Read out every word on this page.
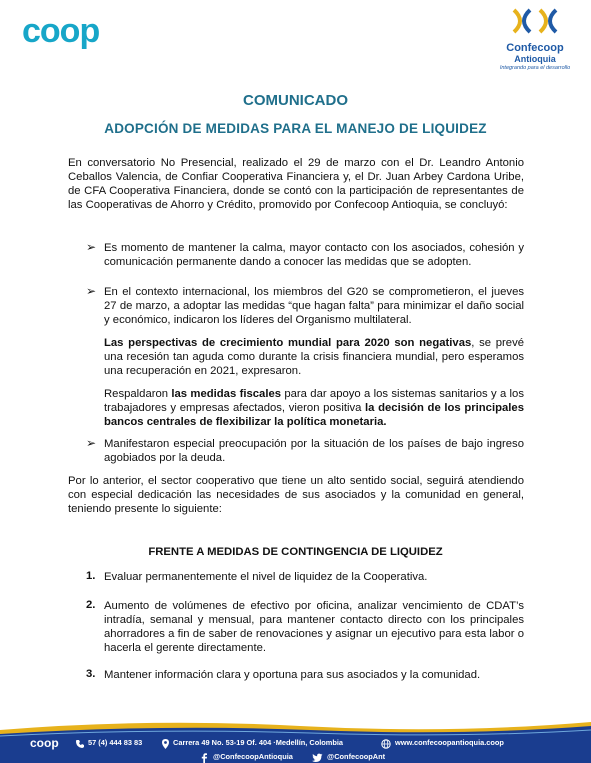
coop	Confecoop
Antioquia
Integrando para el desarrollo
COMUNICADO
ADOPCIÓN DE MEDIDAS PARA EL MANEJO DE LIQUIDEZ
En conversatorio No Presencial, realizado el 29 de marzo con el Dr. Leandro Antonio Ceballos Valencia, de Confiar Cooperativa Financiera y, el Dr. Juan Arbey Cardona Uribe, de CFA Cooperativa Financiera, donde se contó con la participación de representantes de las Cooperativas de Ahorro y Crédito, promovido por Confecoop Antioquia, se concluyó:
➢ Es momento de mantener la calma, mayor contacto con los asociados, cohesión y comunicación permanente dando a conocer las medidas que se adopten.
➢ En el contexto internacional, los miembros del G20 se comprometieron, el jueves 27 de marzo, a adoptar las medidas “que hagan falta” para minimizar el daño social y económico, indicaron los líderes del Organismo multilateral.
Las perspectivas de crecimiento mundial para 2020 son negativas, se prevé una recesión tan aguda como durante la crisis financiera mundial, pero esperamos una recuperación en 2021, expresaron.
Respaldaron las medidas fiscales para dar apoyo a los sistemas sanitarios y a los trabajadores y empresas afectados, vieron positiva la decisión de los principales bancos centrales de flexibilizar la política monetaria.
➢ Manifestaron especial preocupación por la situación de los países de bajo ingreso agobiados por la deuda.
Por lo anterior, el sector cooperativo que tiene un alto sentido social, seguirá atendiendo con especial dedicación las necesidades de sus asociados y la comunidad en general, teniendo presente lo siguiente:
FRENTE A MEDIDAS DE CONTINGENCIA DE LIQUIDEZ
1. Evaluar permanentemente el nivel de liquidez de la Cooperativa.
2. Aumento de volúmenes de efectivo por oficina, analizar vencimiento de CDAT’s intradía, semanal y mensual, para mantener contacto directo con los principales ahorradores a fin de saber de renovaciones y asignar un ejecutivo para esta labor o hacerla el gerente directamente.
3. Mantener información clara y oportuna para sus asociados y la comunidad.
coop	57 (4) 444 83 83	Carrera 49 No. 53-19 Of. 404 ·Medellín, Colombia	www.confecoopantioquia.coop
@ConfecoopAntioquia	@ConfecoopAnt
